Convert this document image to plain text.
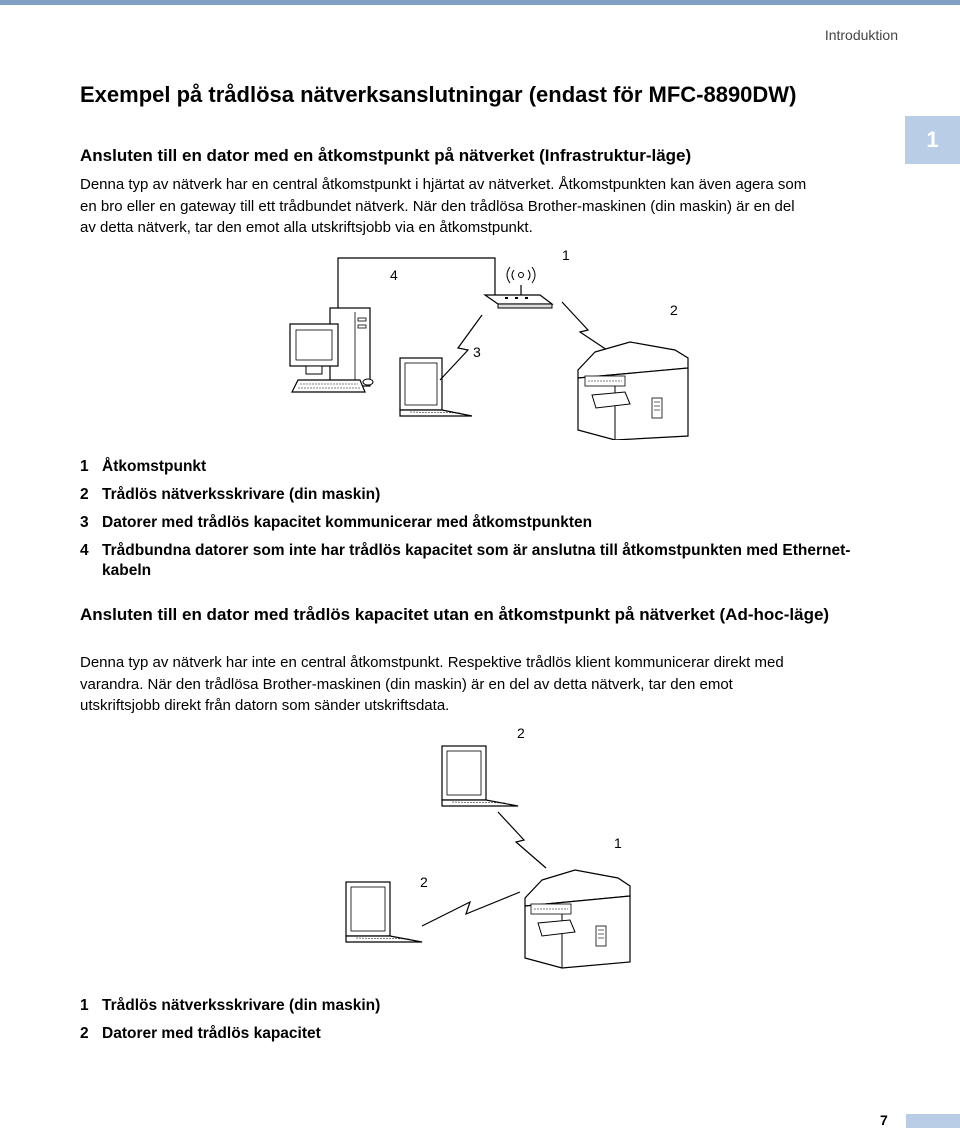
Introduktion
1
Exempel på trådlösa nätverksanslutningar (endast för MFC-8890DW)
Ansluten till en dator med en åtkomstpunkt på nätverket (Infrastruktur-läge)
Denna typ av nätverk har en central åtkomstpunkt i hjärtat av nätverket. Åtkomstpunkten kan även agera som
en bro eller en gateway till ett trådbundet nätverk. När den trådlösa Brother-maskinen (din maskin) är en del
av detta nätverk, tar den emot alla utskriftsjobb via en åtkomstpunkt.
4
1
2
3
1 Åtkomstpunkt
2 Trådlös nätverksskrivare (din maskin)
3 Datorer med trådlös kapacitet kommunicerar med åtkomstpunkten
4 Trådbundna datorer som inte har trådlös kapacitet som är anslutna till åtkomstpunkten med Ethernet-kabeln
Ansluten till en dator med trådlös kapacitet utan en åtkomstpunkt på nätverket (Ad-hoc-läge)
Denna typ av nätverk har inte en central åtkomstpunkt. Respektive trådlös klient kommunicerar direkt med
varandra. När den trådlösa Brother-maskinen (din maskin) är en del av detta nätverk, tar den emot
utskriftsjobb direkt från datorn som sänder utskriftsdata.
2
1
2
1 Trådlös nätverksskrivare (din maskin)
2 Datorer med trådlös kapacitet
7
